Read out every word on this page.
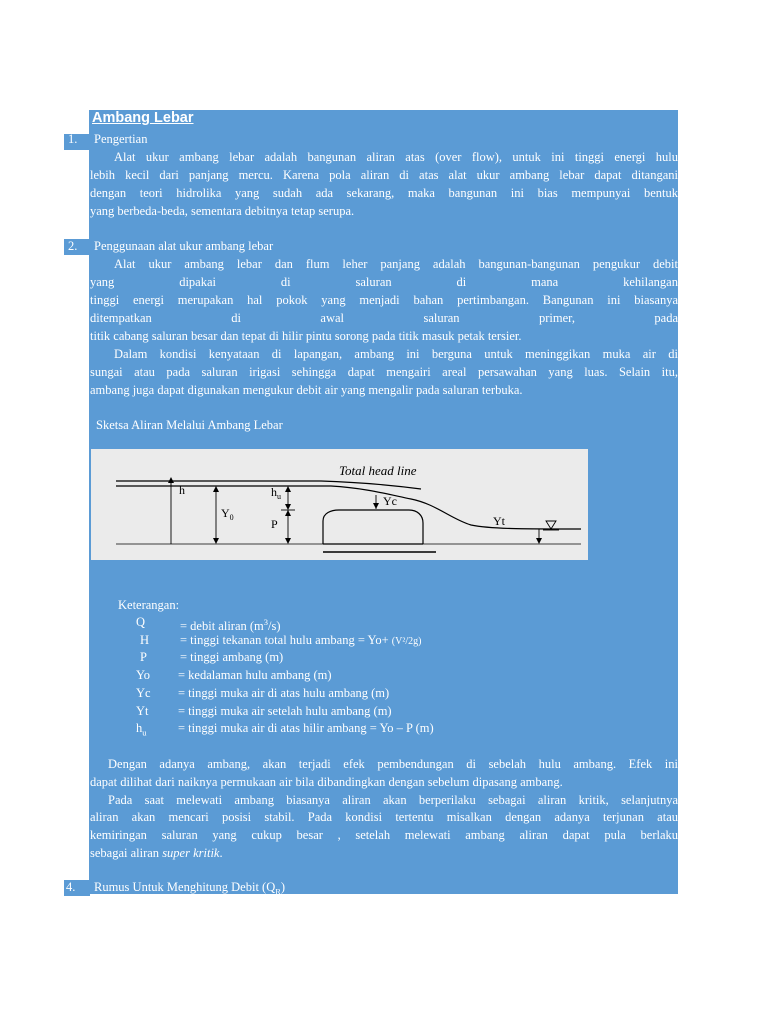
Ambang Lebar
1. Pengertian
Alat ukur ambang lebar adalah bangunan aliran atas (over flow), untuk ini tinggi energi hulu
lebih kecil dari panjang mercu. Karena pola aliran di atas alat ukur ambang lebar dapat ditangani
dengan teori hidrolika yang sudah ada sekarang, maka bangunan ini bias mempunyai bentuk
yang berbeda-beda, sementara debitnya tetap serupa.
2. Penggunaan alat ukur ambang lebar
Alat ukur ambang lebar dan flum leher panjang adalah bangunan-bangunan pengukur debit
yang	dipakai	di	saluran	di	mana	kehilangan
tinggi energi merupakan hal pokok yang menjadi bahan pertimbangan. Bangunan ini biasanya
ditempatkan	di	awal	saluran	primer,	pada
titik cabang saluran besar dan tepat di hilir pintu sorong pada titik masuk petak tersier.
Dalam kondisi kenyataan di lapangan, ambang ini berguna untuk meninggikan muka air di
sungai atau pada saluran irigasi sehingga dapat mengairi areal persawahan yang luas. Selain itu,
ambang juga dapat digunakan mengukur debit air yang mengalir pada saluran terbuka.
3. Sketsa Aliran Melalui Ambang Lebar
Total head line
h
$Y_0$
$h_u$
P
Yc
Yt
Keterangan:
Q	= debit aliran $(m^3/s)$
H = tinggi tekanan total hulu ambang = Yo+ (V²/2g)
P	= tinggi ambang (m)
Yo = kedalaman hulu ambang (m)
Yc = tinggi muka air di atas hulu ambang (m)
Yt = tinggi muka air setelah hulu ambang (m)
$h_u$	= tinggi muka air di atas hilir ambang = Yo – P (m)
Dengan adanya ambang, akan terjadi efek pembendungan di sebelah hulu ambang. Efek ini
dapat dilihat dari naiknya permukaan air bila dibandingkan dengan sebelum dipasang ambang.
Pada saat melewati ambang biasanya aliran akan berperilaku sebagai aliran kritik, selanjutnya
aliran akan mencari posisi stabil. Pada kondisi tertentu misalkan dengan adanya terjunan atau
kemiringan saluran yang cukup besar , setelah melewati ambang aliran dapat pula berlaku
sebagai aliran super kritik.
4. Rumus Untuk Menghitung Debit $(Q_R)$
